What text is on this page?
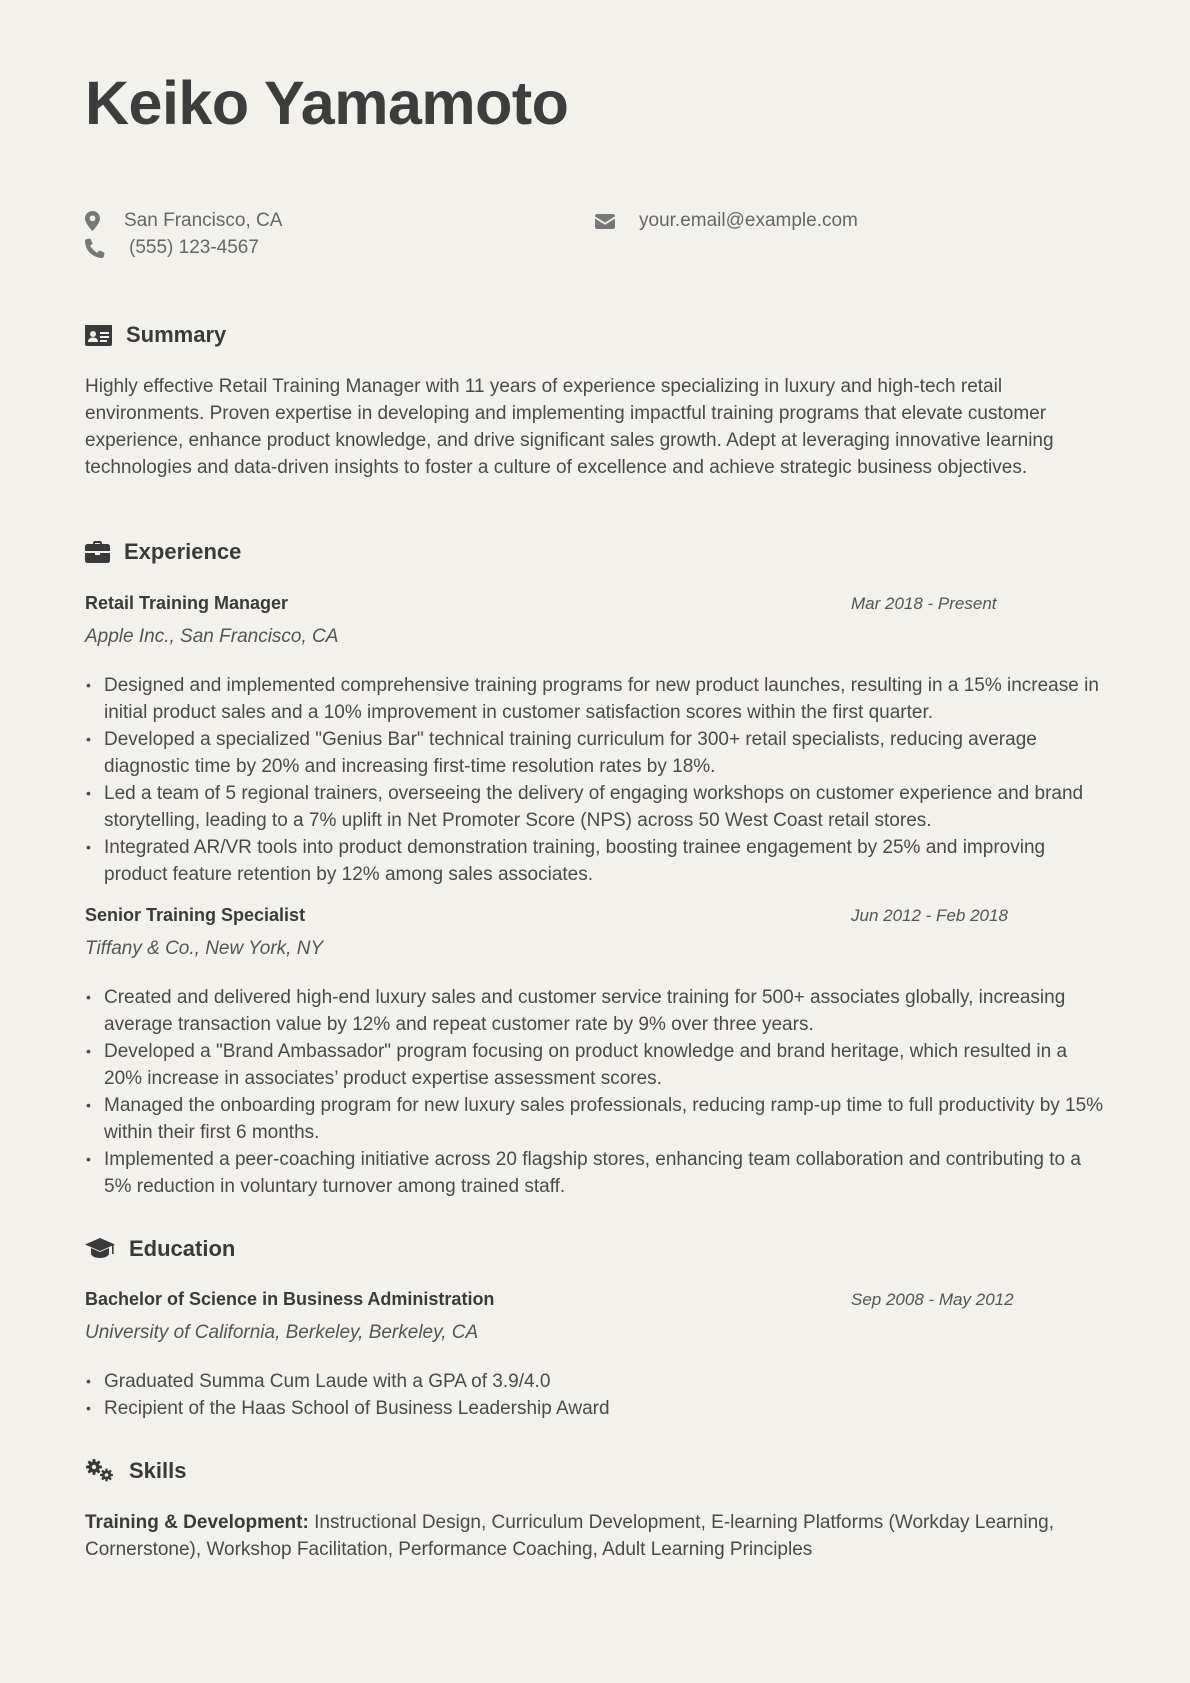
Keiko Yamamoto
San Francisco, CA	your.email@example.com
(555) 123-4567
Summary

Highly effective Retail Training Manager with 11 years of experience specializing in luxury and high-tech retail environments. Proven expertise in developing and implementing impactful training programs that elevate customer experience, enhance product knowledge, and drive significant sales growth. Adept at leveraging innovative learning technologies and data-driven insights to foster a culture of excellence and achieve strategic business objectives.

Experience
Retail Training Manager	Mar 2018 - Present
Apple Inc., San Francisco, CA
• Designed and implemented comprehensive training programs for new product launches, resulting in a 15% increase in initial product sales and a 10% improvement in customer satisfaction scores within the first quarter.
• Developed a specialized "Genius Bar" technical training curriculum for 300+ retail specialists, reducing average diagnostic time by 20% and increasing first-time resolution rates by 18%.
• Led a team of 5 regional trainers, overseeing the delivery of engaging workshops on customer experience and brand storytelling, leading to a 7% uplift in Net Promoter Score (NPS) across 50 West Coast retail stores.
• Integrated AR/VR tools into product demonstration training, boosting trainee engagement by 25% and improving product feature retention by 12% among sales associates.
Senior Training Specialist	Jun 2012 - Feb 2018
Tiffany & Co., New York, NY
• Created and delivered high-end luxury sales and customer service training for 500+ associates globally, increasing average transaction value by 12% and repeat customer rate by 9% over three years.
• Developed a "Brand Ambassador" program focusing on product knowledge and brand heritage, which resulted in a 20% increase in associates’ product expertise assessment scores.
• Managed the onboarding program for new luxury sales professionals, reducing ramp-up time to full productivity by 15% within their first 6 months.
• Implemented a peer-coaching initiative across 20 flagship stores, enhancing team collaboration and contributing to a 5% reduction in voluntary turnover among trained staff.
Education
Bachelor of Science in Business Administration	Sep 2008 - May 2012
University of California, Berkeley, Berkeley, CA
• Graduated Summa Cum Laude with a GPA of 3.9/4.0
• Recipient of the Haas School of Business Leadership Award
Skills

Training & Development: Instructional Design, Curriculum Development, E-learning Platforms (Workday Learning, Cornerstone), Workshop Facilitation, Performance Coaching, Adult Learning Principles
